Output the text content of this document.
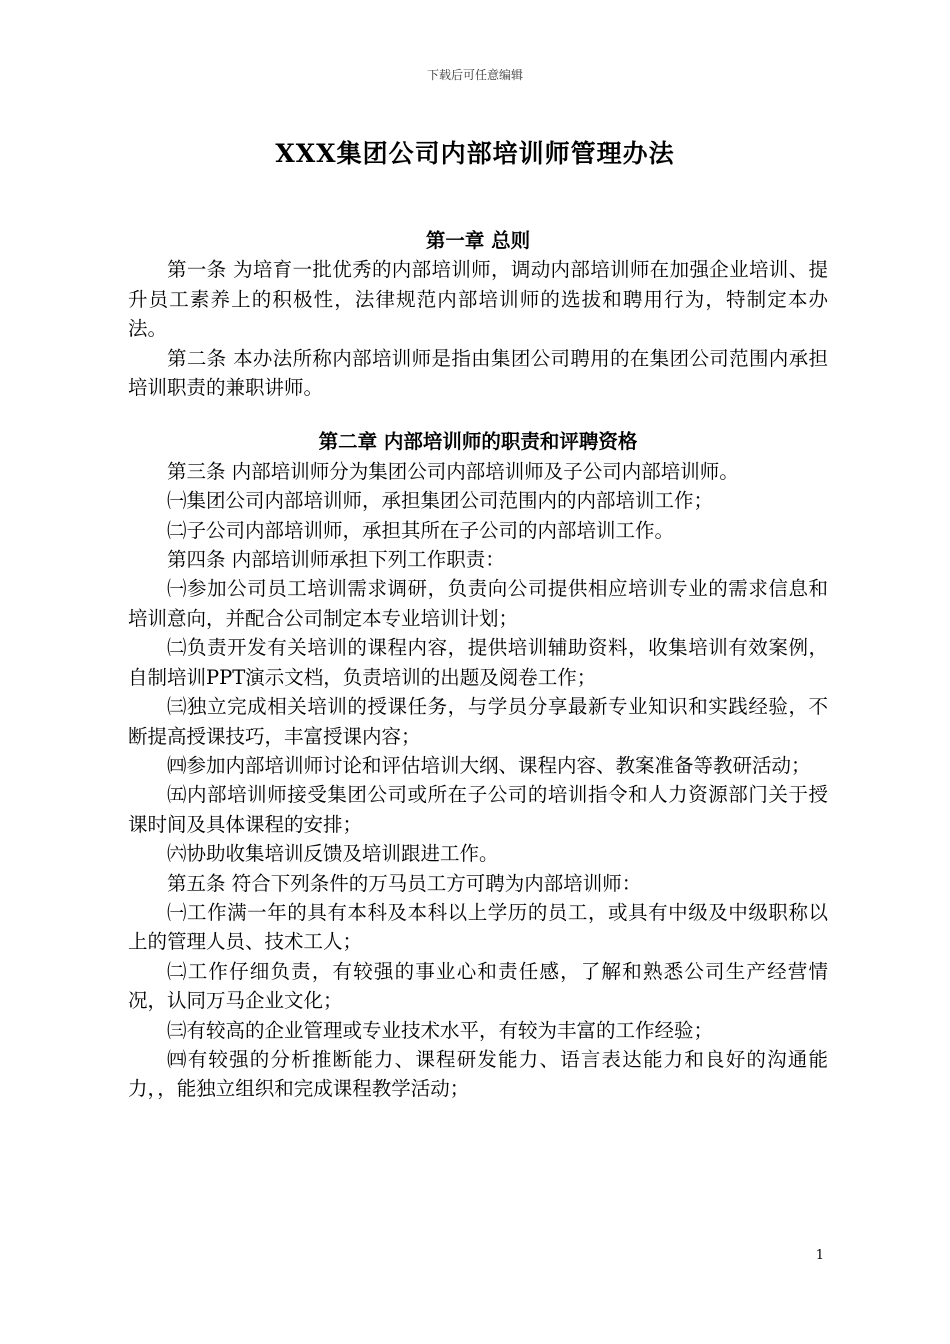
下载后可任意编辑
XXX集团公司内部培训师管理办法

第一章 总则

第一条 为培育一批优秀的内部培训师，调动内部培训师在加强企业培训、提升员工素养上的积极性，法律规范内部培训师的选拔和聘用行为，特制定本办法。

第二条 本办法所称内部培训师是指由集团公司聘用的在集团公司范围内承担培训职责的兼职讲师。

第二章 内部培训师的职责和评聘资格

第三条 内部培训师分为集团公司内部培训师及子公司内部培训师。

㈠集团公司内部培训师，承担集团公司范围内的内部培训工作；

㈡子公司内部培训师，承担其所在子公司的内部培训工作。

第四条 内部培训师承担下列工作职责：

㈠参加公司员工培训需求调研，负责向公司提供相应培训专业的需求信息和培训意向，并配合公司制定本专业培训计划；

㈡负责开发有关培训的课程内容，提供培训辅助资料，收集培训有效案例，自制培训PPT演示文档，负责培训的出题及阅卷工作；

㈢独立完成相关培训的授课任务，与学员分享最新专业知识和实践经验，不断提高授课技巧，丰富授课内容；

㈣参加内部培训师讨论和评估培训大纲、课程内容、教案准备等教研活动；

㈤内部培训师接受集团公司或所在子公司的培训指令和人力资源部门关于授课时间及具体课程的安排；

㈥协助收集培训反馈及培训跟进工作。

第五条 符合下列条件的万马员工方可聘为内部培训师：

㈠工作满一年的具有本科及本科以上学历的员工，或具有中级及中级职称以上的管理人员、技术工人；

㈡工作仔细负责，有较强的事业心和责任感，了解和熟悉公司生产经营情况，认同万马企业文化；

㈢有较高的企业管理或专业技术水平，有较为丰富的工作经验；

㈣有较强的分析推断能力、课程研发能力、语言表达能力和良好的沟通能力，，能独立组织和完成课程教学活动；

1
